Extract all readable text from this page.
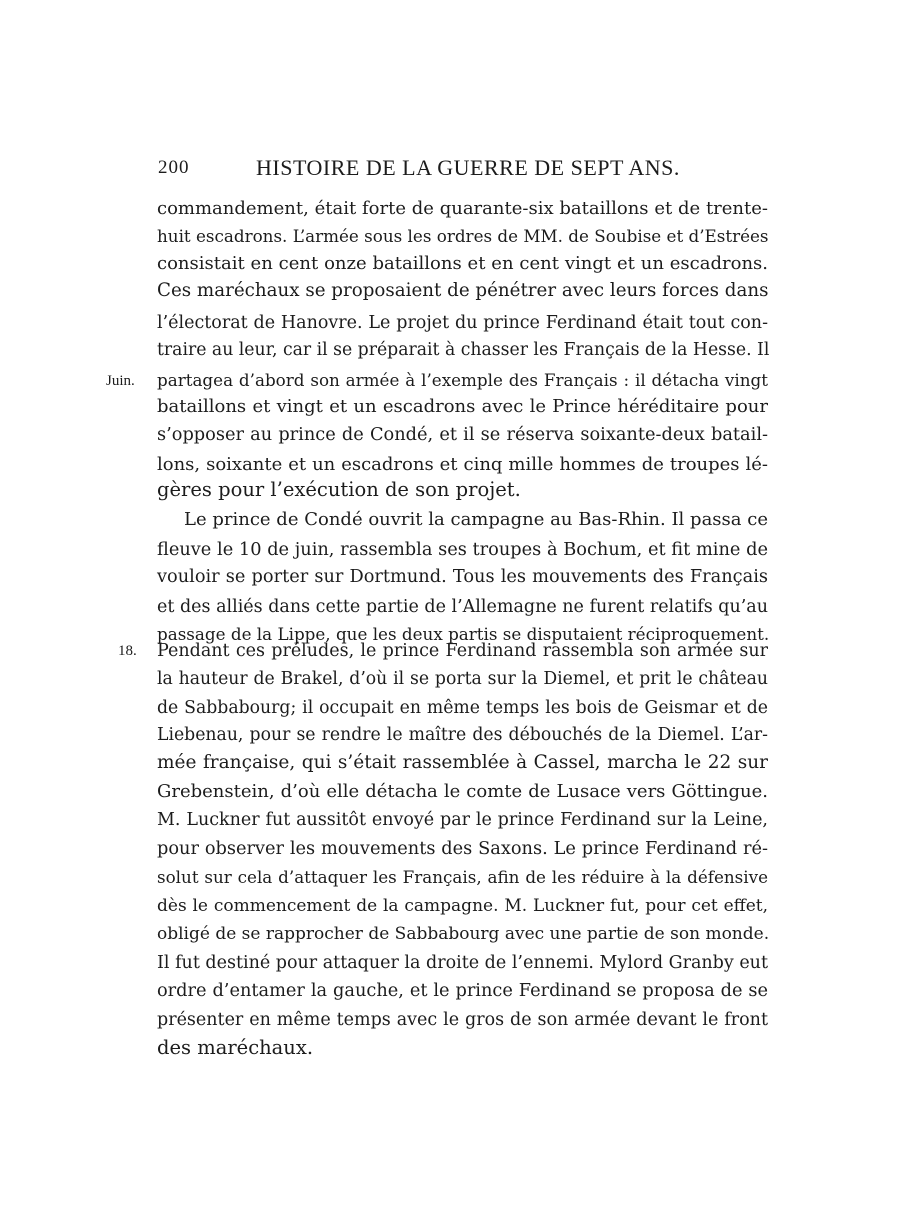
200	HISTOIRE DE LA GUERRE DE SEPT ANS.
Juin.
18.
commandement, était forte de quarante-six bataillons et de trente-
huit escadrons. L’armée sous les ordres de MM. de Soubise et d’Estrées
consistait en cent onze bataillons et en cent vingt et un escadrons.
Ces maréchaux se proposaient de pénétrer avec leurs forces dans
l’électorat de Hanovre. Le projet du prince Ferdinand était tout con-
traire au leur, car il se préparait à chasser les Français de la Hesse. Il
partagea d’abord son armée à l’exemple des Français : il détacha vingt
bataillons et vingt et un escadrons avec le Prince héréditaire pour
s’opposer au prince de Condé, et il se réserva soixante-deux batail-
lons, soixante et un escadrons et cinq mille hommes de troupes lé-
gères pour l’exécution de son projet.
Le prince de Condé ouvrit la campagne au Bas-Rhin. Il passa ce
fleuve le 10 de juin, rassembla ses troupes à Bochum, et fit mine de
vouloir se porter sur Dortmund. Tous les mouvements des Français
et des alliés dans cette partie de l’Allemagne ne furent relatifs qu’au
passage de la Lippe, que les deux partis se disputaient réciproquement.
Pendant ces préludes, le prince Ferdinand rassembla son armée sur
la hauteur de Brakel, d’où il se porta sur la Diemel, et prit le château
de Sabbabourg; il occupait en même temps les bois de Geismar et de
Liebenau, pour se rendre le maître des débouchés de la Diemel. L’ar-
mée française, qui s’était rassemblée à Cassel, marcha le 22 sur
Grebenstein, d’où elle détacha le comte de Lusace vers Göttingue.
M. Luckner fut aussitôt envoyé par le prince Ferdinand sur la Leine,
pour observer les mouvements des Saxons. Le prince Ferdinand ré-
solut sur cela d’attaquer les Français, afin de les réduire à la défensive
dès le commencement de la campagne. M. Luckner fut, pour cet effet,
obligé de se rapprocher de Sabbabourg avec une partie de son monde.
Il fut destiné pour attaquer la droite de l’ennemi. Mylord Granby eut
ordre d’entamer la gauche, et le prince Ferdinand se proposa de se
présenter en même temps avec le gros de son armée devant le front
des maréchaux.
